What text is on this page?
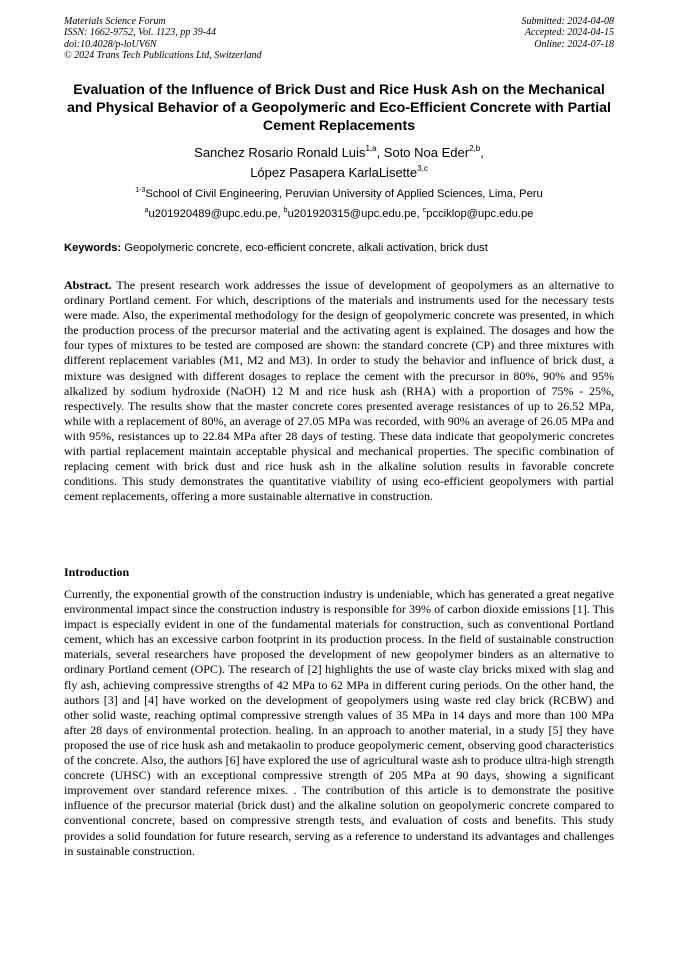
Materials Science Forum
ISSN: 1662-9752, Vol. 1123, pp 39-44
doi:10.4028/p-loUV6N
© 2024 Trans Tech Publications Ltd, Switzerland
Submitted: 2024-04-08
Accepted: 2024-04-15
Online: 2024-07-18
Evaluation of the Influence of Brick Dust and Rice Husk Ash on the Mechanical and Physical Behavior of a Geopolymeric and Eco-Efficient Concrete with Partial Cement Replacements
Sanchez Rosario Ronald Luis$^{1,a}$, Soto Noa Eder$^{2,b}$,
López Pasapera KarlaLisette$^{3,c}$
$^{1-3}$School of Civil Engineering, Peruvian University of Applied Sciences, Lima, Peru
$^a$u201920489@upc.edu.pe, $^b$u201920315@upc.edu.pe, $^c$pcciklop@upc.edu.pe
Keywords: Geopolymeric concrete, eco-efficient concrete, alkali activation, brick dust

Abstract. The present research work addresses the issue of development of geopolymers as an alternative to ordinary Portland cement. For which, descriptions of the materials and instruments used for the necessary tests were made. Also, the experimental methodology for the design of geopolymeric concrete was presented, in which the production process of the precursor material and the activating agent is explained. The dosages and how the four types of mixtures to be tested are composed are shown: the standard concrete (CP) and three mixtures with different replacement variables (M1, M2 and M3). In order to study the behavior and influence of brick dust, a mixture was designed with different dosages to replace the cement with the precursor in 80%, 90% and 95% alkalized by sodium hydroxide (NaOH) 12 M and rice husk ash (RHA) with a proportion of 75% - 25%, respectively. The results show that the master concrete cores presented average resistances of up to 26.52 MPa, while with a replacement of 80%, an average of 27.05 MPa was recorded, with 90% an average of 26.05 MPa and with 95%, resistances up to 22.84 MPa after 28 days of testing. These data indicate that geopolymeric concretes with partial replacement maintain acceptable physical and mechanical properties. The specific combination of replacing cement with brick dust and rice husk ash in the alkaline solution results in favorable concrete conditions. This study demonstrates the quantitative viability of using eco-efficient geopolymers with partial cement replacements, offering a more sustainable alternative in construction.

Introduction

Currently, the exponential growth of the construction industry is undeniable, which has generated a great negative environmental impact since the construction industry is responsible for 39% of carbon dioxide emissions [1]. This impact is especially evident in one of the fundamental materials for construction, such as conventional Portland cement, which has an excessive carbon footprint in its production process. In the field of sustainable construction materials, several researchers have proposed the development of new geopolymer binders as an alternative to ordinary Portland cement (OPC). The research of [2] highlights the use of waste clay bricks mixed with slag and fly ash, achieving compressive strengths of 42 MPa to 62 MPa in different curing periods. On the other hand, the authors [3] and [4] have worked on the development of geopolymers using waste red clay brick (RCBW) and other solid waste, reaching optimal compressive strength values of 35 MPa in 14 days and more than 100 MPa after 28 days of environmental protection. healing. In an approach to another material, in a study [5] they have proposed the use of rice husk ash and metakaolin to produce geopolymeric cement, observing good characteristics of the concrete. Also, the authors [6] have explored the use of agricultural waste ash to produce ultra-high strength concrete (UHSC) with an exceptional compressive strength of 205 MPa at 90 days, showing a significant improvement over standard reference mixes. . The contribution of this article is to demonstrate the positive influence of the precursor material (brick dust) and the alkaline solution on geopolymeric concrete compared to conventional concrete, based on compressive strength tests, and evaluation of costs and benefits. This study provides a solid foundation for future research, serving as a reference to understand its advantages and challenges in sustainable construction.
